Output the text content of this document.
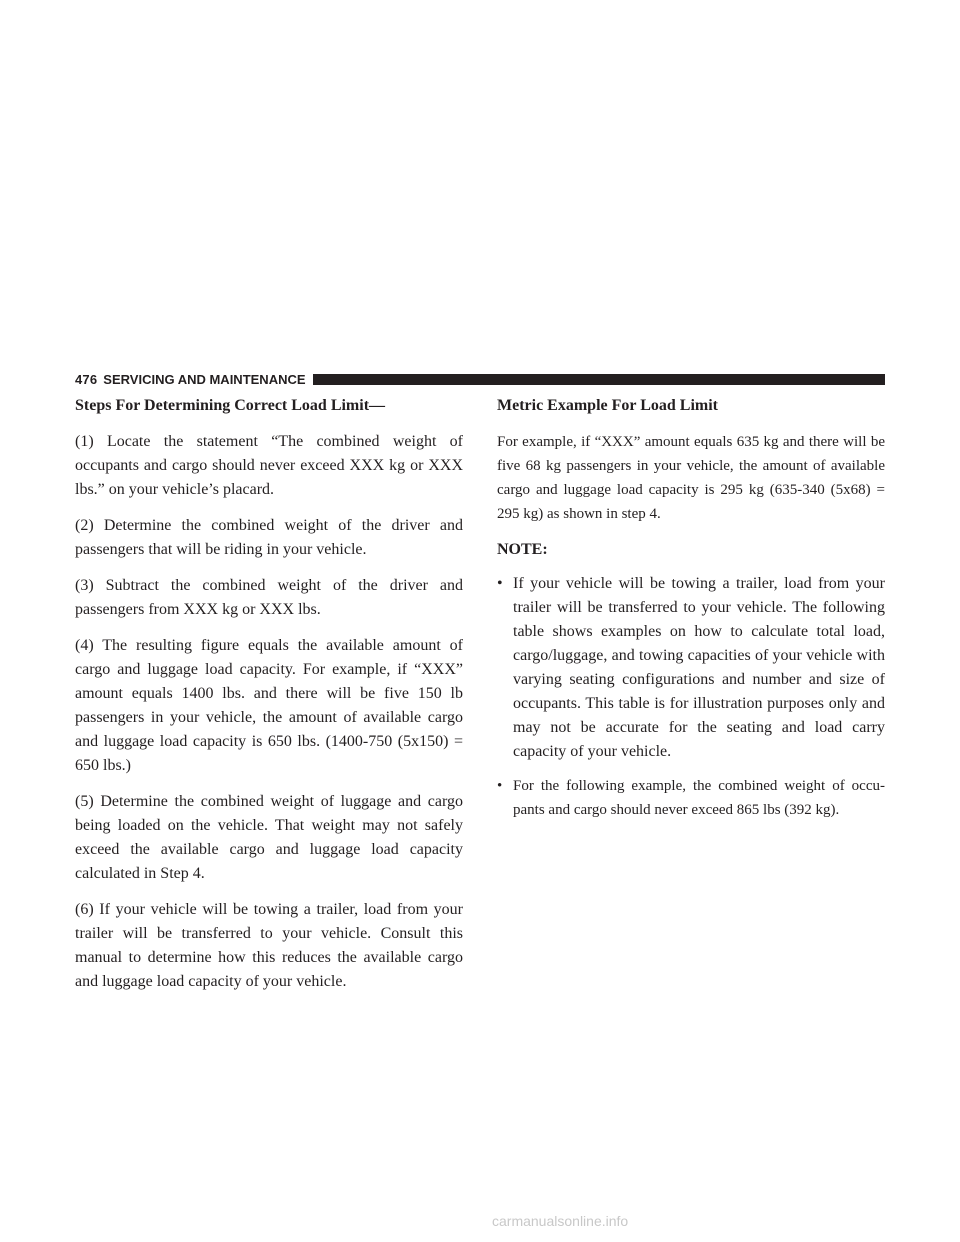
476 SERVICING AND MAINTENANCE
Steps For Determining Correct Load Limit—

(1) Locate the statement “The combined weight of occupants and cargo should never exceed XXX kg or XXX lbs.” on your vehicle’s placard.

(2) Determine the combined weight of the driver and passengers that will be riding in your vehicle.

(3) Subtract the combined weight of the driver and passengers from XXX kg or XXX lbs.

(4) The resulting figure equals the available amount of cargo and luggage load capacity. For example, if “XXX” amount equals 1400 lbs. and there will be five 150 lb passengers in your vehicle, the amount of available cargo and luggage load capacity is 650 lbs. (1400-750 (5x150) = 650 lbs.)

(5) Determine the combined weight of luggage and cargo being loaded on the vehicle. That weight may not safely exceed the available cargo and luggage load capacity calculated in Step 4.

(6) If your vehicle will be towing a trailer, load from your trailer will be transferred to your vehicle. Consult this manual to determine how this reduces the available cargo and luggage load capacity of your vehicle.

Metric Example For Load Limit

For example, if “XXX” amount equals 635 kg and there will be five 68 kg passengers in your vehicle, the amount of available cargo and luggage load capacity is 295 kg (635-340 (5x68) = 295 kg) as shown in step 4.

NOTE:
• If your vehicle will be towing a trailer, load from your trailer will be transferred to your vehicle. The following table shows examples on how to calculate total load, cargo/luggage, and towing capacities of your vehicle with varying seating configurations and number and size of occupants. This table is for illustration purposes only and may not be accurate for the seating and load carry capacity of your vehicle.
• For the following example, the combined weight of occu-pants and cargo should never exceed 865 lbs (392 kg).
carmanualsonline.info
